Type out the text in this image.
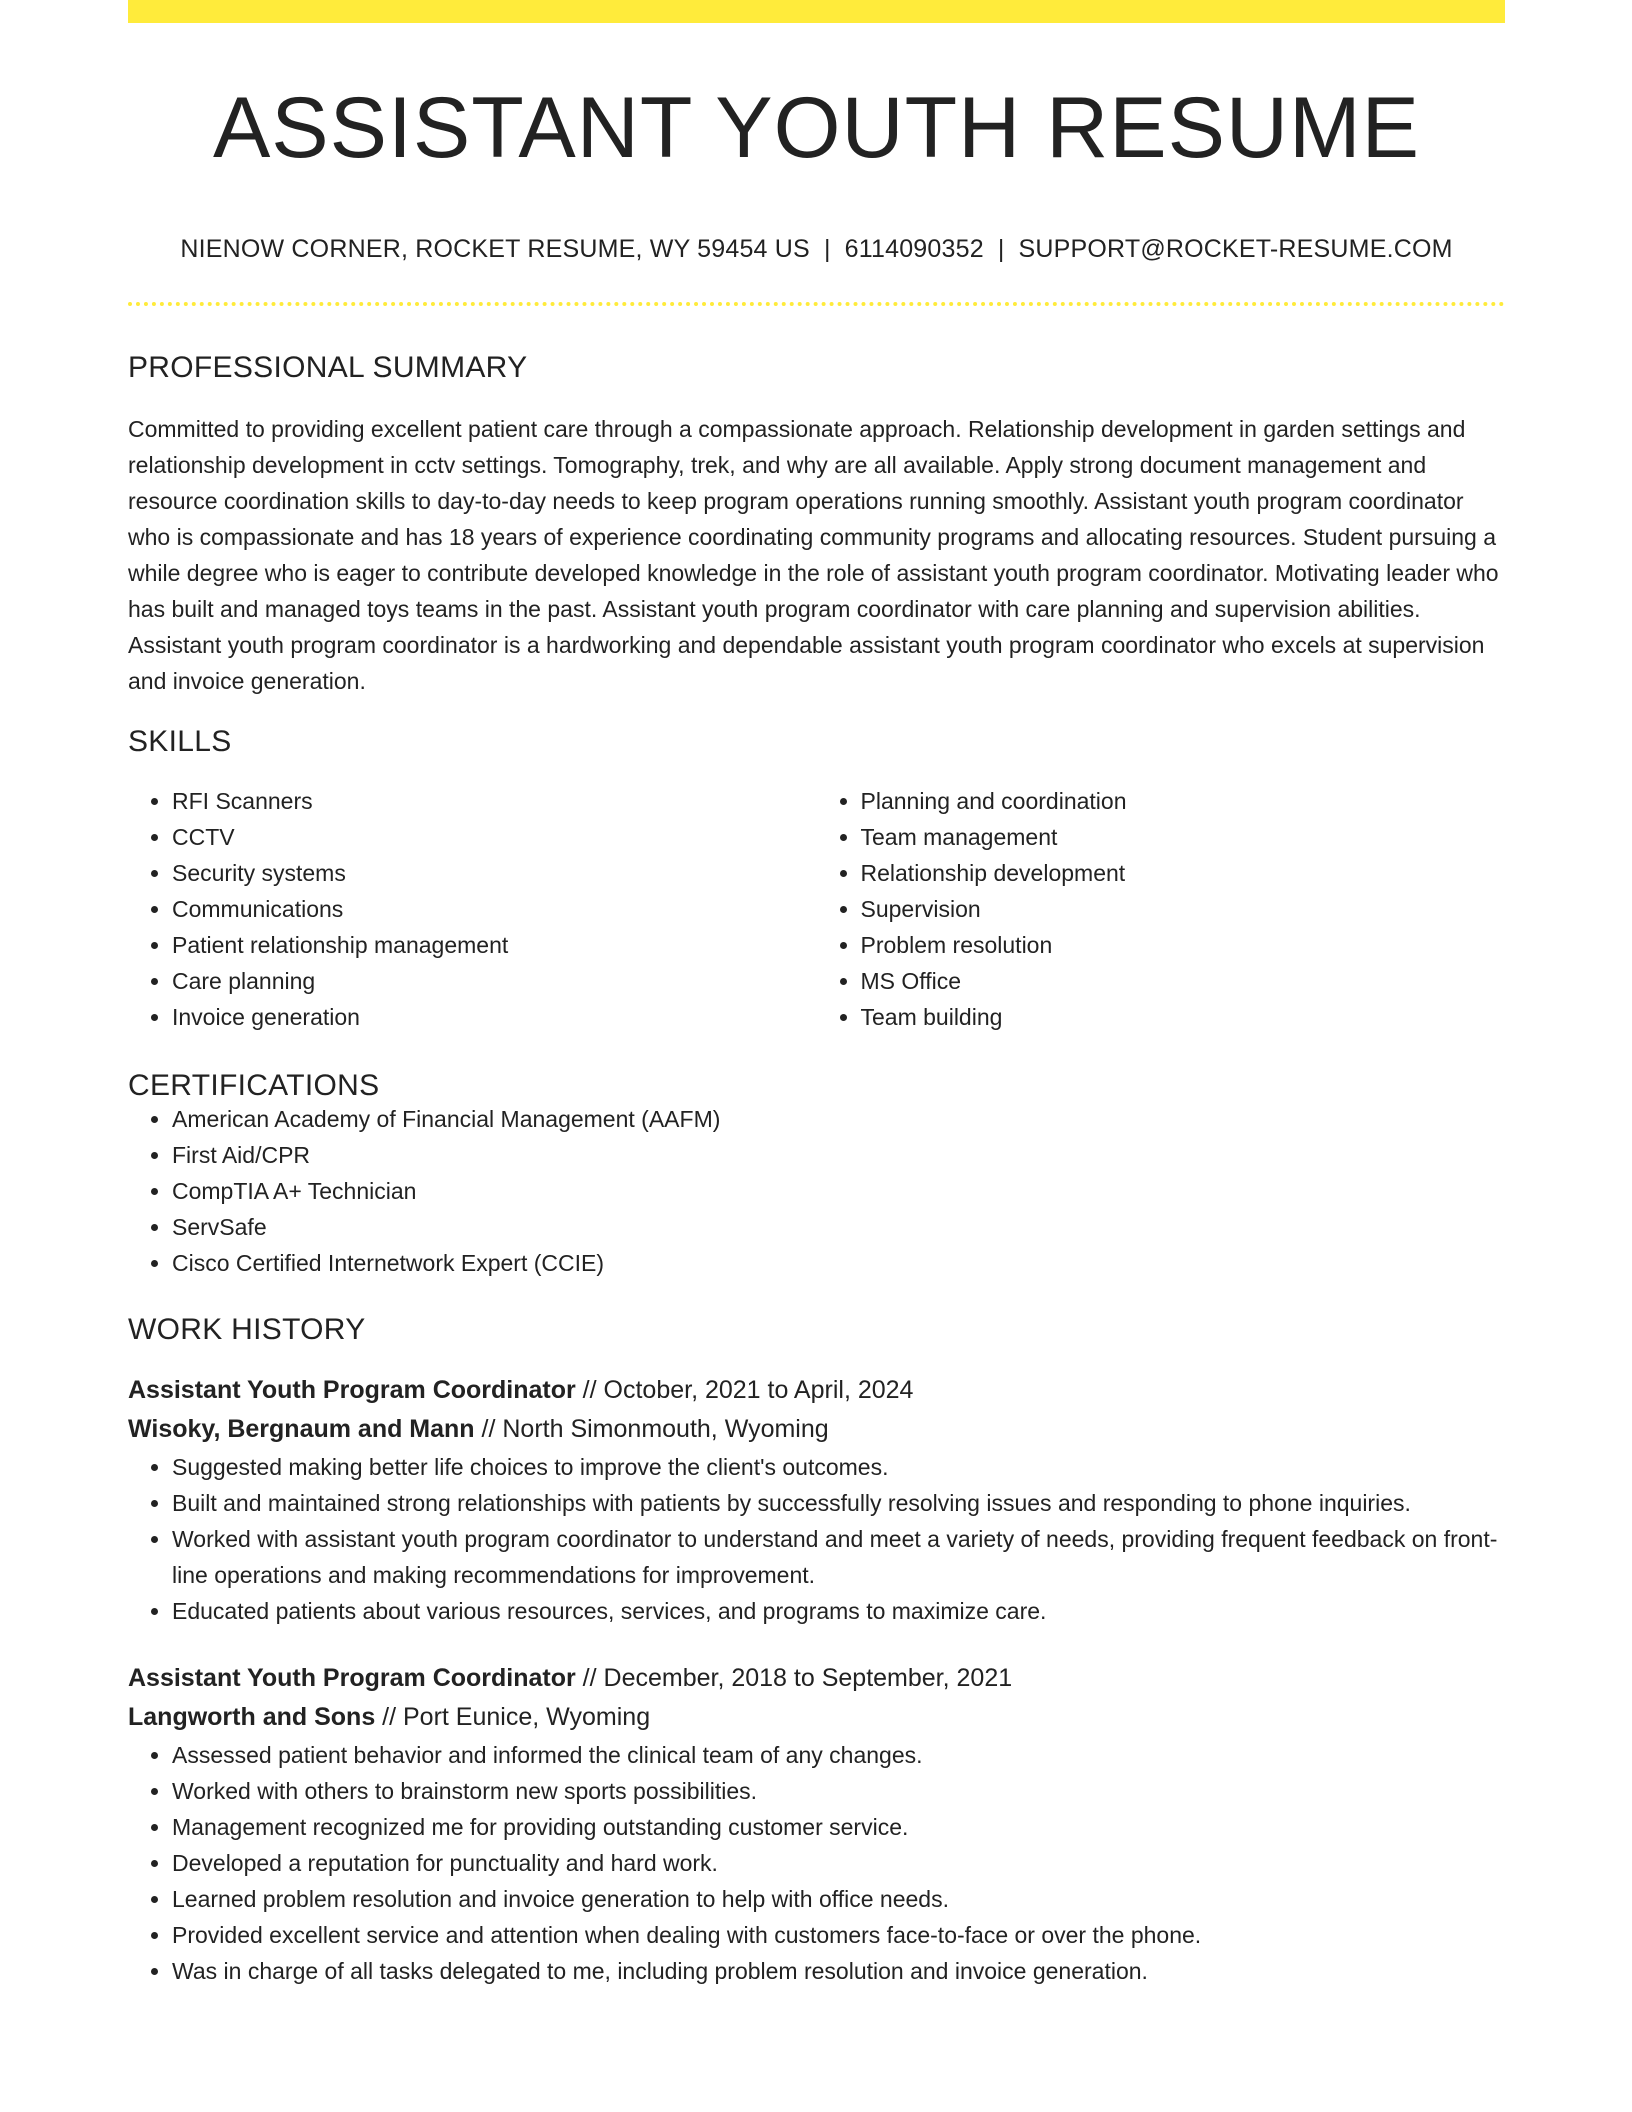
ASSISTANT YOUTH RESUME
NIENOW CORNER, ROCKET RESUME, WY 59454 US | 6114090352 | SUPPORT@ROCKET-RESUME.COM
PROFESSIONAL SUMMARY

Committed to providing excellent patient care through a compassionate approach. Relationship development in garden settings and relationship development in cctv settings. Tomography, trek, and why are all available. Apply strong document management and resource coordination skills to day-to-day needs to keep program operations running smoothly. Assistant youth program coordinator who is compassionate and has 18 years of experience coordinating community programs and allocating resources. Student pursuing a while degree who is eager to contribute developed knowledge in the role of assistant youth program coordinator. Motivating leader who has built and managed toys teams in the past. Assistant youth program coordinator with care planning and supervision abilities. Assistant youth program coordinator is a hardworking and dependable assistant youth program coordinator who excels at supervision and invoice generation.

SKILLS
• RFI Scanners
• CCTV
• Security systems
• Communications
• Patient relationship management
• Care planning
• Invoice generation
• Planning and coordination
• Team management
• Relationship development
• Supervision
• Problem resolution
• MS Office
• Team building
CERTIFICATIONS
• American Academy of Financial Management (AAFM)
• First Aid/CPR
• CompTIA A+ Technician
• ServSafe
• Cisco Certified Internetwork Expert (CCIE)
WORK HISTORY
Assistant Youth Program Coordinator // October, 2021 to April, 2024
Wisoky, Bergnaum and Mann // North Simonmouth, Wyoming
• Suggested making better life choices to improve the client's outcomes.
• Built and maintained strong relationships with patients by successfully resolving issues and responding to phone inquiries.
• Worked with assistant youth program coordinator to understand and meet a variety of needs, providing frequent feedback on front-line operations and making recommendations for improvement.
• Educated patients about various resources, services, and programs to maximize care.
Assistant Youth Program Coordinator // December, 2018 to September, 2021
Langworth and Sons // Port Eunice, Wyoming
• Assessed patient behavior and informed the clinical team of any changes.
• Worked with others to brainstorm new sports possibilities.
• Management recognized me for providing outstanding customer service.
• Developed a reputation for punctuality and hard work.
• Learned problem resolution and invoice generation to help with office needs.
• Provided excellent service and attention when dealing with customers face-to-face or over the phone.
• Was in charge of all tasks delegated to me, including problem resolution and invoice generation.
